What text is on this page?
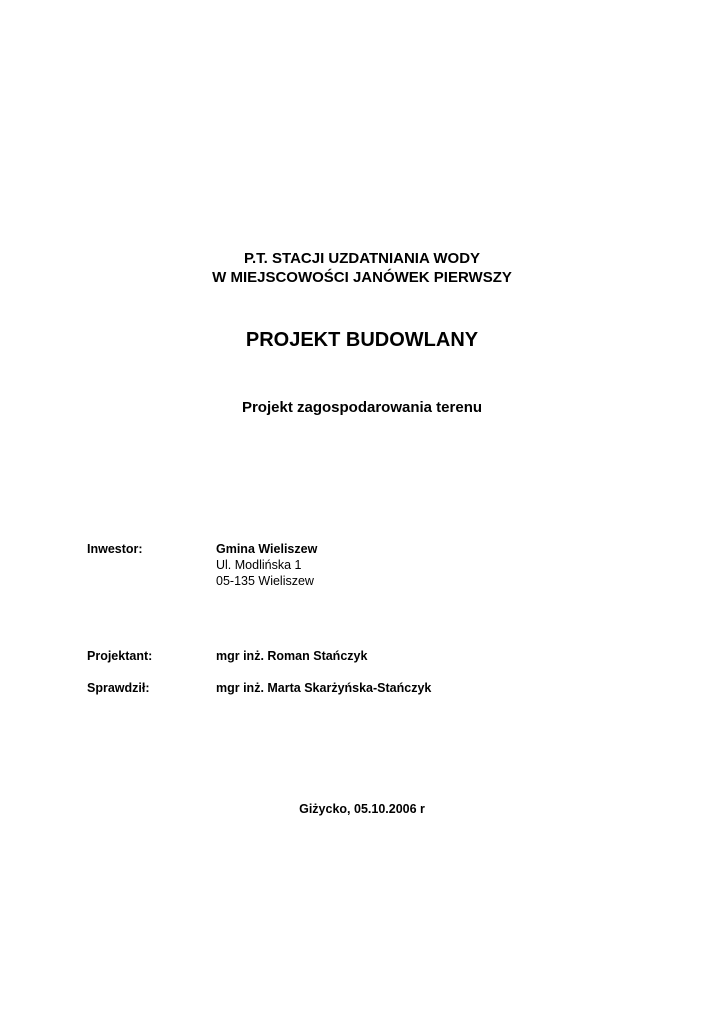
P.T. STACJI UZDATNIANIA WODY
W MIEJSCOWOŚCI JANÓWEK PIERWSZY
PROJEKT BUDOWLANY
Projekt zagospodarowania terenu
Inwestor:	Gmina Wieliszew
Ul. Modlińska 1
05-135 Wieliszew
Projektant:	mgr inż. Roman Stańczyk
Sprawdził:	mgr inż. Marta Skarżyńska-Stańczyk
Giżycko, 05.10.2006 r
